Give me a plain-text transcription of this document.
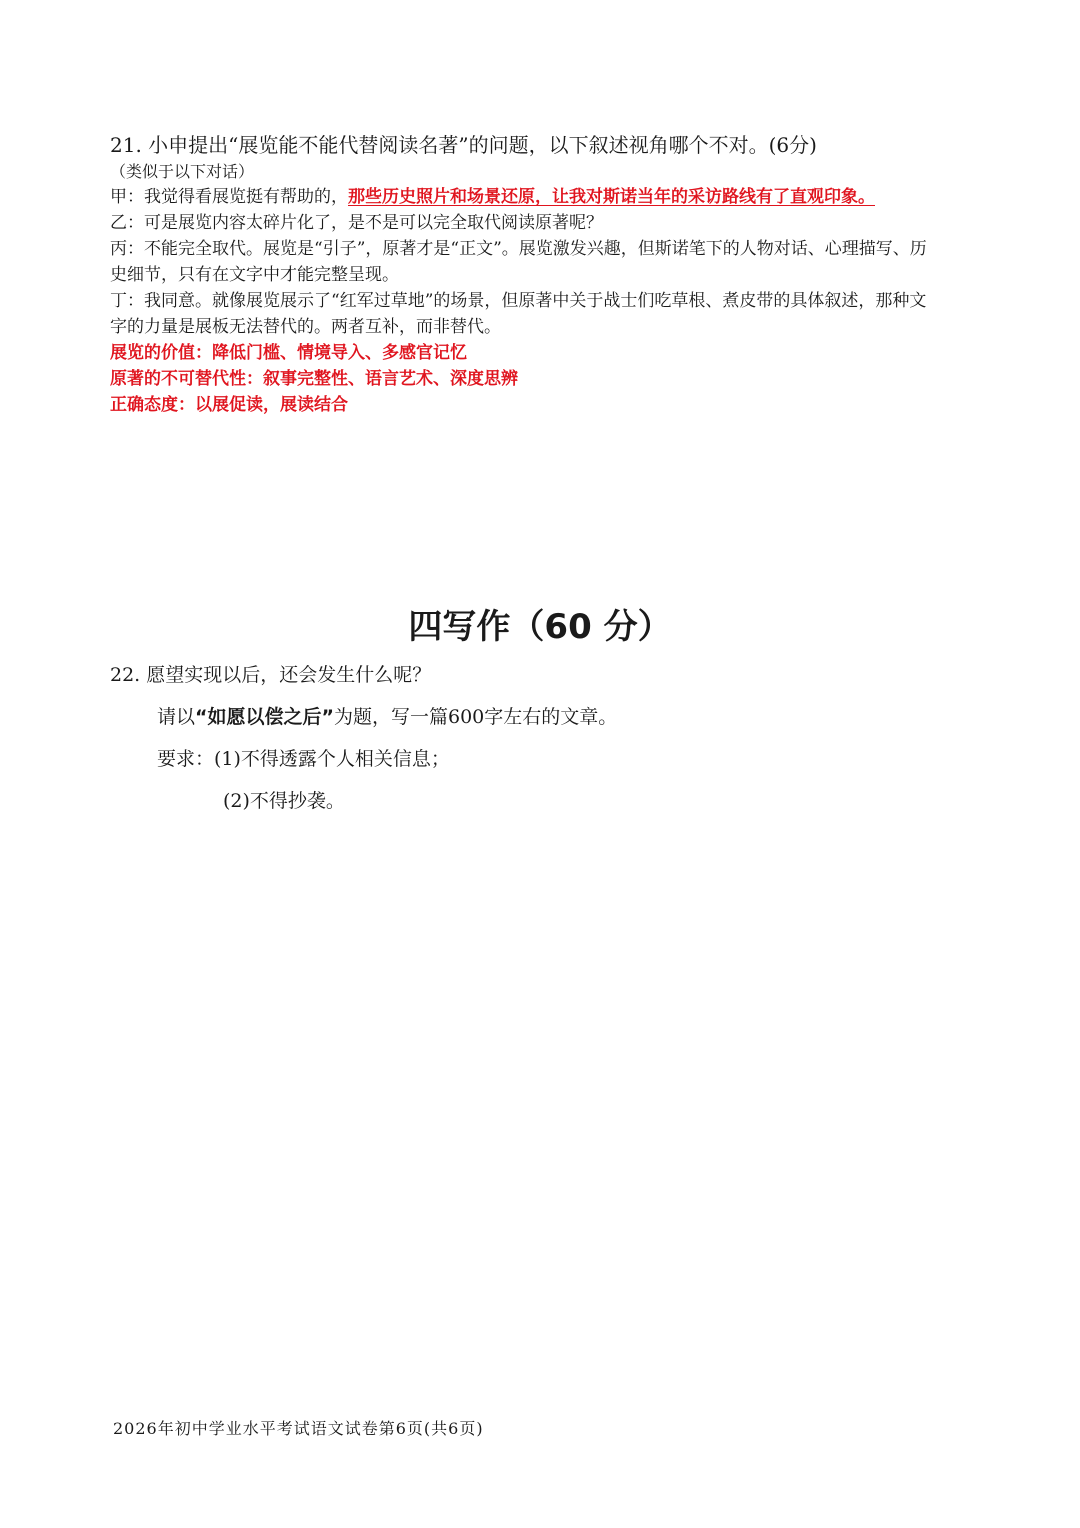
21. 小申提出“展览能不能代替阅读名著”的问题，以下叙述视角哪个不对。(6分)
（类似于以下对话）
甲：我觉得看展览挺有帮助的，那些历史照片和场景还原，让我对斯诺当年的采访路线有了直观印象。
乙：可是展览内容太碎片化了，是不是可以完全取代阅读原著呢？
丙：不能完全取代。展览是“引子”，原著才是“正文”。展览激发兴趣，但斯诺笔下的人物对话、心理描写、历史细节，只有在文字中才能完整呈现。
丁：我同意。就像展览展示了“红军过草地”的场景，但原著中关于战士们吃草根、煮皮带的具体叙述，那种文字的力量是展板无法替代的。两者互补，而非替代。
展览的价值：降低门槛、情境导入、多感官记忆
原著的不可替代性：叙事完整性、语言艺术、深度思辨
正确态度：以展促读，展读结合
四写作（60 分）
22. 愿望实现以后，还会发生什么呢？
请以“如愿以偿之后”为题，写一篇600字左右的文章。
要求：(1)不得透露个人相关信息；
(2)不得抄袭。
2026年初中学业水平考试语文试卷第6页(共6页)
